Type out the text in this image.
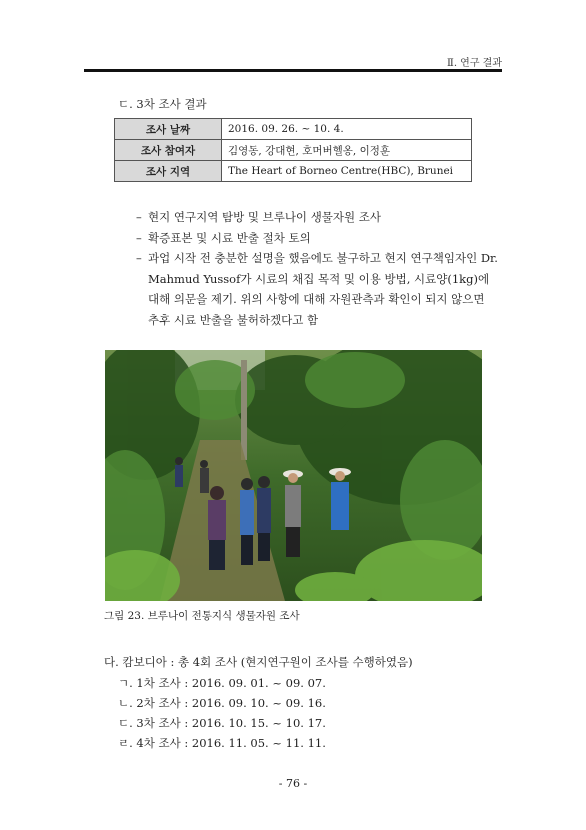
Ⅱ. 연구 결과
ㄷ. 3차 조사 결과
조사 날짜	2016. 09. 26. ~ 10. 4.
조사 참여자	김영동, 강대현, 호머버헬옹, 이정훈
조사 지역	The Heart of Borneo Centre(HBC), Brunei
– 현지 연구지역 탐방 및 브루나이 생물자원 조사
– 확증표본 및 시료 반출 절차 토의
– 과업 시작 전 충분한 설명을 했음에도 불구하고 현지 연구책임자인 Dr.
Mahmud Yussof가 시료의 채집 목적 및 이용 방법, 시료양(1kg)에
대해 의문을 제기. 위의 사항에 대해 자원관측과 확인이 되지 않으면
추후 시료 반출을 불허하겠다고 함
그림 23. 브루나이 전통지식 생물자원 조사
다. 캄보디아 : 총 4회 조사 (현지연구원이 조사를 수행하였음)
ㄱ. 1차 조사 : 2016. 09. 01. ~ 09. 07.
ㄴ. 2차 조사 : 2016. 09. 10. ~ 09. 16.
ㄷ. 3차 조사 : 2016. 10. 15. ~ 10. 17.
ㄹ. 4차 조사 : 2016. 11. 05. ~ 11. 11.
- 76 -
